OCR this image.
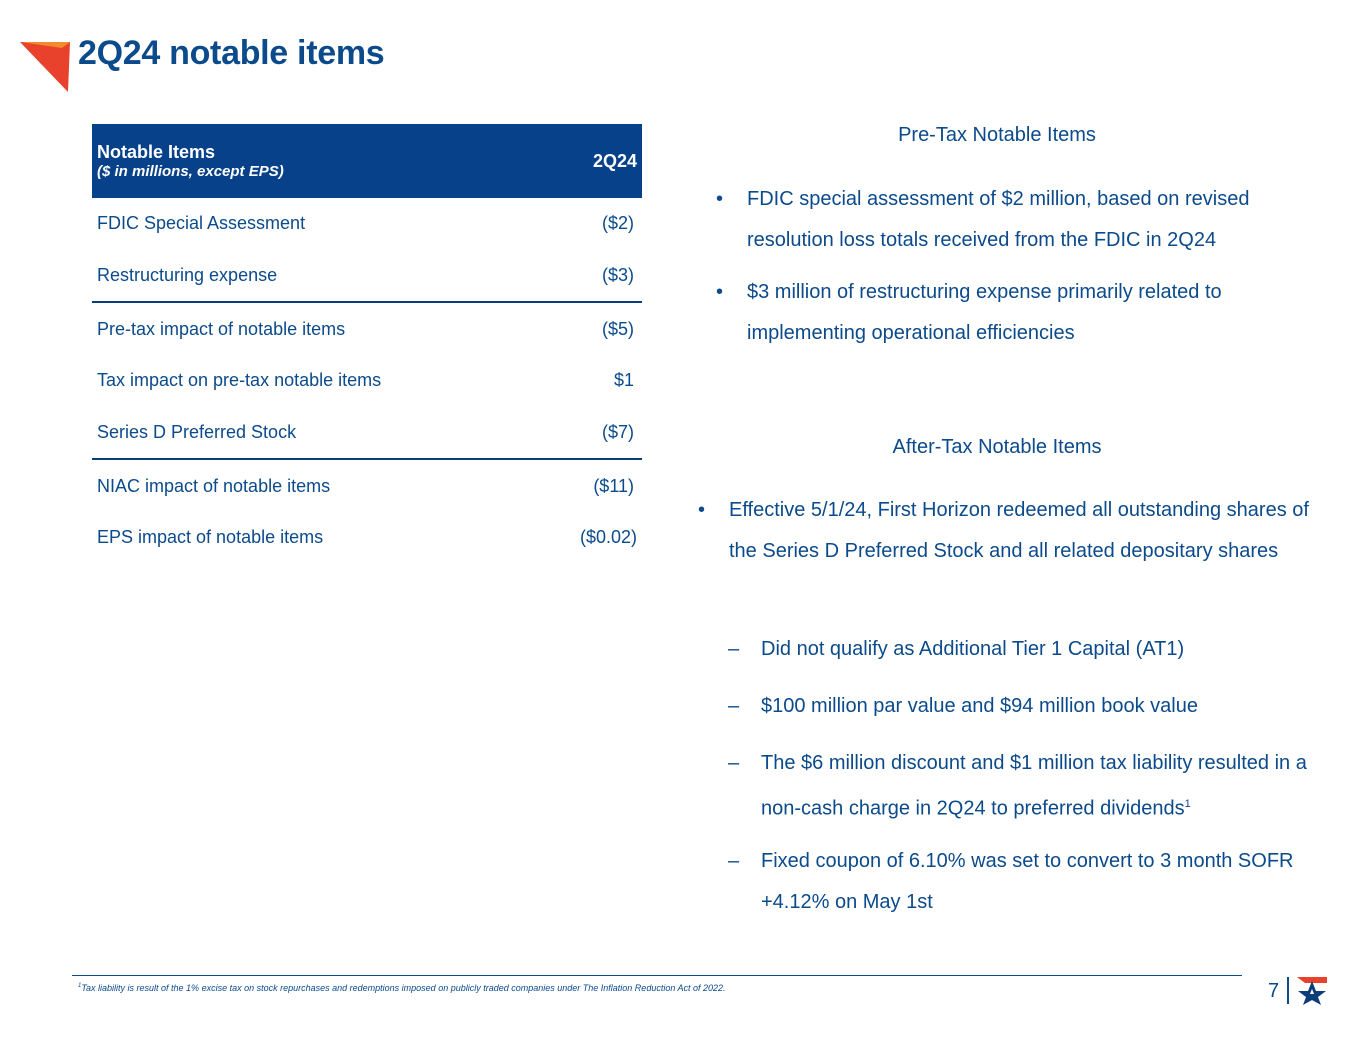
2Q24 notable items
Notable Items
($ in millions, except EPS)	2Q24
FDIC Special Assessment	($2)
Restructuring expense	($3)
Pre-tax impact of notable items	($5)
Tax impact on pre-tax notable items	$1
Series D Preferred Stock	($7)
NIAC impact of notable items	($11)
EPS impact of notable items	($0.02)
Pre-Tax Notable Items
• FDIC special assessment of $2 million, based on revised resolution loss totals received from the FDIC in 2Q24
• $3 million of restructuring expense primarily related to implementing operational efficiencies
After-Tax Notable Items
• Effective 5/1/24, First Horizon redeemed all outstanding shares of the Series D Preferred Stock and all related depositary shares
– Did not qualify as Additional Tier 1 Capital (AT1)
– $100 million par value and $94 million book value
– The $6 million discount and $1 million tax liability resulted in a non-cash charge in 2Q24 to preferred dividends$^1$
– Fixed coupon of 6.10% was set to convert to 3 month SOFR +4.12% on May 1st
$^1$Tax liability is result of the 1% excise tax on stock repurchases and redemptions imposed on publicly traded companies under The Inflation Reduction Act of 2022.	7
